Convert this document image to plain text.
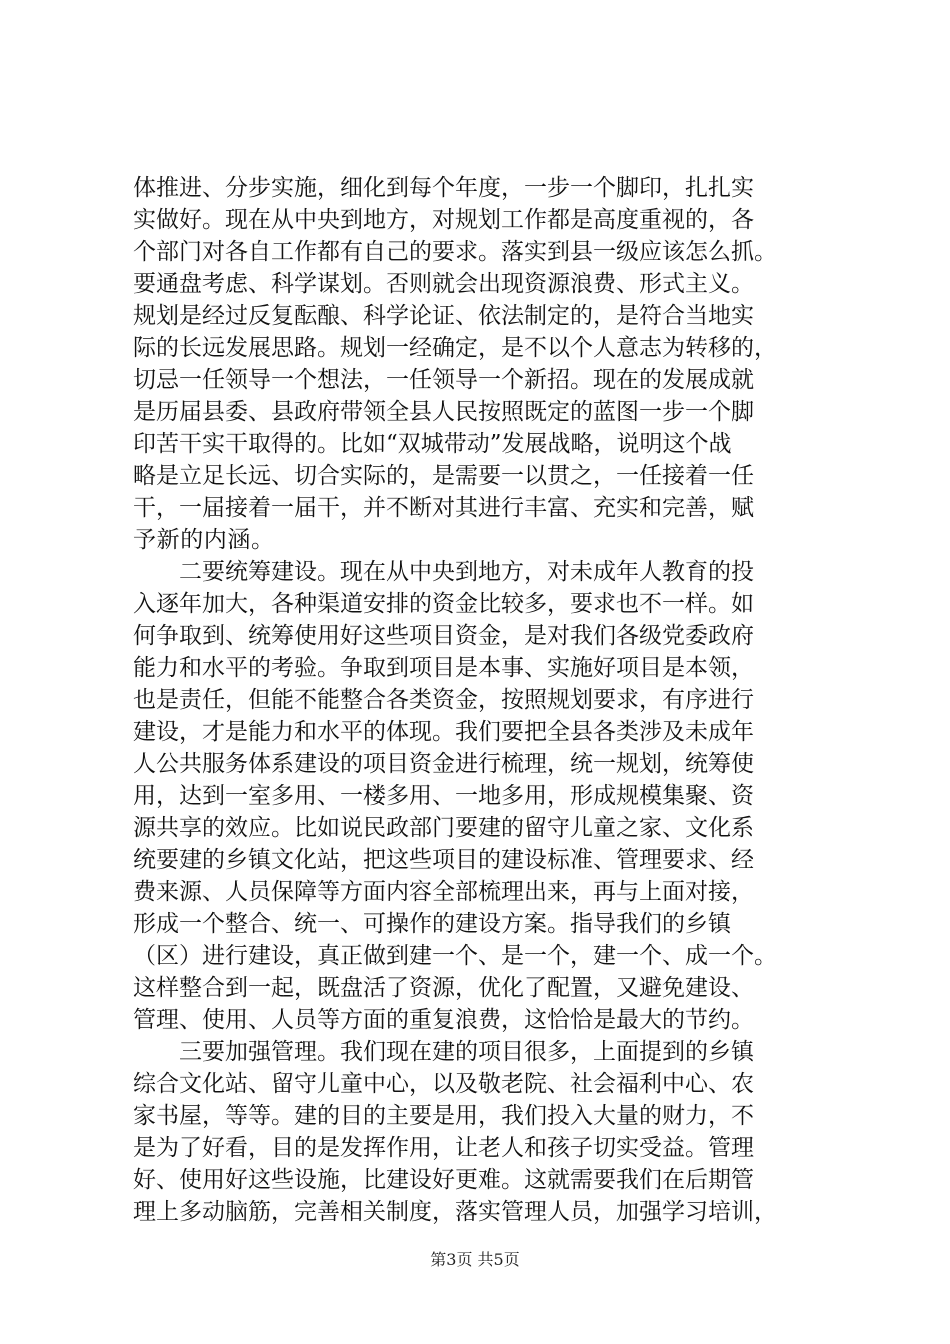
体推进、分步实施，细化到每个年度，一步一个脚印，扎扎实
实做好。现在从中央到地方，对规划工作都是高度重视的，各
个部门对各自工作都有自己的要求。落实到县一级应该怎么抓。
要通盘考虑、科学谋划。否则就会出现资源浪费、形式主义。
规划是经过反复酝酿、科学论证、依法制定的，是符合当地实
际的长远发展思路。规划一经确定，是不以个人意志为转移的，
切忌一任领导一个想法，一任领导一个新招。现在的发展成就
是历届县委、县政府带领全县人民按照既定的蓝图一步一个脚
印苦干实干取得的。比如“双城带动”发展战略，说明这个战
略是立足长远、切合实际的，是需要一以贯之，一任接着一任
干，一届接着一届干，并不断对其进行丰富、充实和完善，赋
予新的内涵。
　　二要统筹建设。现在从中央到地方，对未成年人教育的投
入逐年加大，各种渠道安排的资金比较多，要求也不一样。如
何争取到、统筹使用好这些项目资金，是对我们各级党委政府
能力和水平的考验。争取到项目是本事、实施好项目是本领，
也是责任，但能不能整合各类资金，按照规划要求，有序进行
建设，才是能力和水平的体现。我们要把全县各类涉及未成年
人公共服务体系建设的项目资金进行梳理，统一规划，统筹使
用，达到一室多用、一楼多用、一地多用，形成规模集聚、资
源共享的效应。比如说民政部门要建的留守儿童之家、文化系
统要建的乡镇文化站，把这些项目的建设标准、管理要求、经
费来源、人员保障等方面内容全部梳理出来，再与上面对接，
形成一个整合、统一、可操作的建设方案。指导我们的乡镇
（区）进行建设，真正做到建一个、是一个，建一个、成一个。
这样整合到一起，既盘活了资源，优化了配置，又避免建设、
管理、使用、人员等方面的重复浪费，这恰恰是最大的节约。
　　三要加强管理。我们现在建的项目很多，上面提到的乡镇
综合文化站、留守儿童中心，以及敬老院、社会福利中心、农
家书屋，等等。建的目的主要是用，我们投入大量的财力，不
是为了好看，目的是发挥作用，让老人和孩子切实受益。管理
好、使用好这些设施，比建设好更难。这就需要我们在后期管
理上多动脑筋，完善相关制度，落实管理人员，加强学习培训，
第3页 共5页
